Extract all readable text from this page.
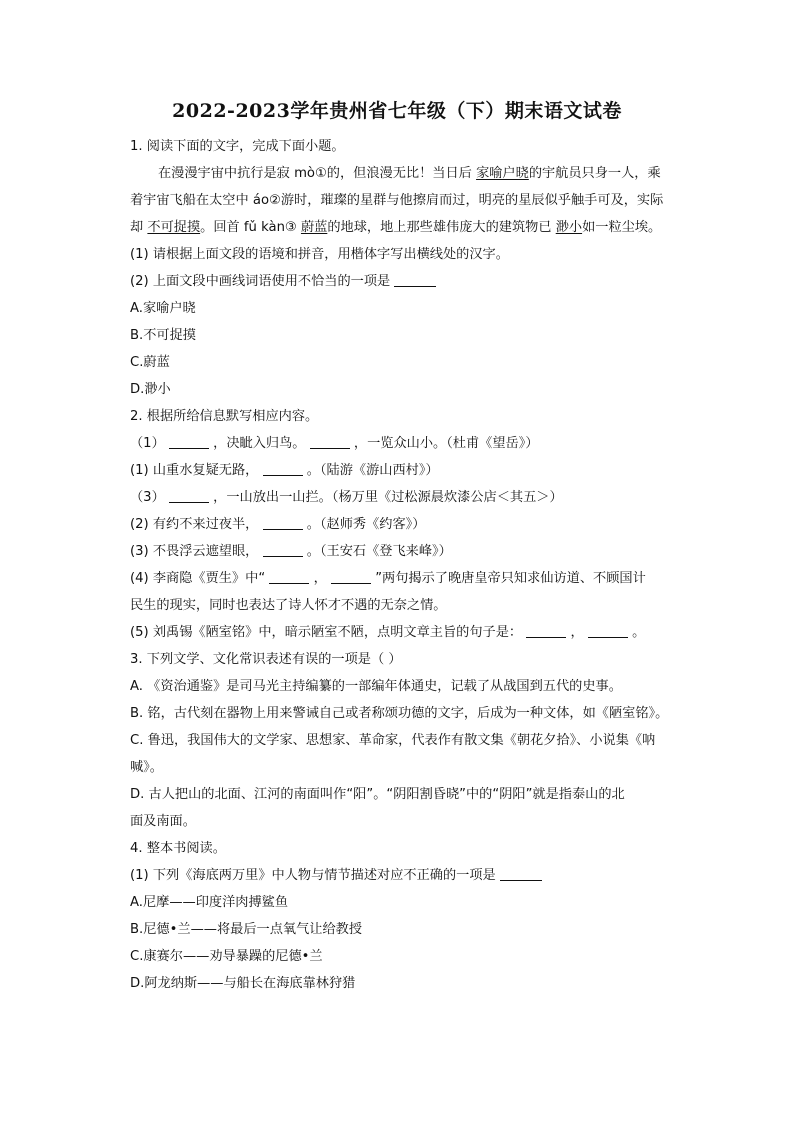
2022-2023学年贵州省七年级（下）期末语文试卷
1. 阅读下面的文字，完成下面小题。
在漫漫宇宙中抗行是寂 mò①的，但浪漫无比！当日后 家喻户晓的宇航员只身一人，乘
着宇宙飞船在太空中 áo②游时，璀璨的星群与他擦肩而过，明亮的星辰似乎触手可及，实际
却 不可捉摸。回首 fǔ kàn③ 蔚蓝的地球，地上那些雄伟庞大的建筑物已 渺小如一粒尘埃。
(1) 请根据上面文段的语境和拼音，用楷体字写出横线处的汉字。
(2) 上面文段中画线词语使用不恰当的一项是
A.家喻户晓
B.不可捉摸
C.蔚蓝
D.渺小
2. 根据所给信息默写相应内容。
（1）	，决眦入归鸟。	，一览众山小。（杜甫《望岳》）
(1) 山重水复疑无路，	。（陆游《游山西村》）
（3）	，一山放出一山拦。（杨万里《过松源晨炊漆公店＜其五＞）
(2) 有约不来过夜半，	。（赵师秀《约客》）
(3) 不畏浮云遮望眼，	。（王安石《登飞来峰》）
(4) 李商隐《贾生》中“	，	”两句揭示了晚唐皇帝只知求仙访道、不顾国计
民生的现实，同时也表达了诗人怀才不遇的无奈之情。
(5) 刘禹锡《陋室铭》中，暗示陋室不陋，点明文章主旨的句子是：	，	。
3. 下列文学、文化常识表述有误的一项是（ ）
A. 《资治通鉴》是司马光主持编纂的一部编年体通史，记载了从战国到五代的史事。
B. 铭，古代刻在器物上用来警诫自己或者称颂功德的文字，后成为一种文体，如《陋室铭》。
C. 鲁迅，我国伟大的文学家、思想家、革命家，代表作有散文集《朝花夕拾》、小说集《呐
喊》。
D. 古人把山的北面、江河的南面叫作“阳”。“阴阳割昏晓”中的“阴阳”就是指泰山的北
面及南面。
4. 整本书阅读。
(1) 下列《海底两万里》中人物与情节描述对应不正确的一项是
A.尼摩——印度洋肉搏鲨鱼
B.尼德•兰——将最后一点氧气让给教授
C.康赛尔——劝导暴躁的尼德•兰
D.阿龙纳斯——与船长在海底靠林狩猎
